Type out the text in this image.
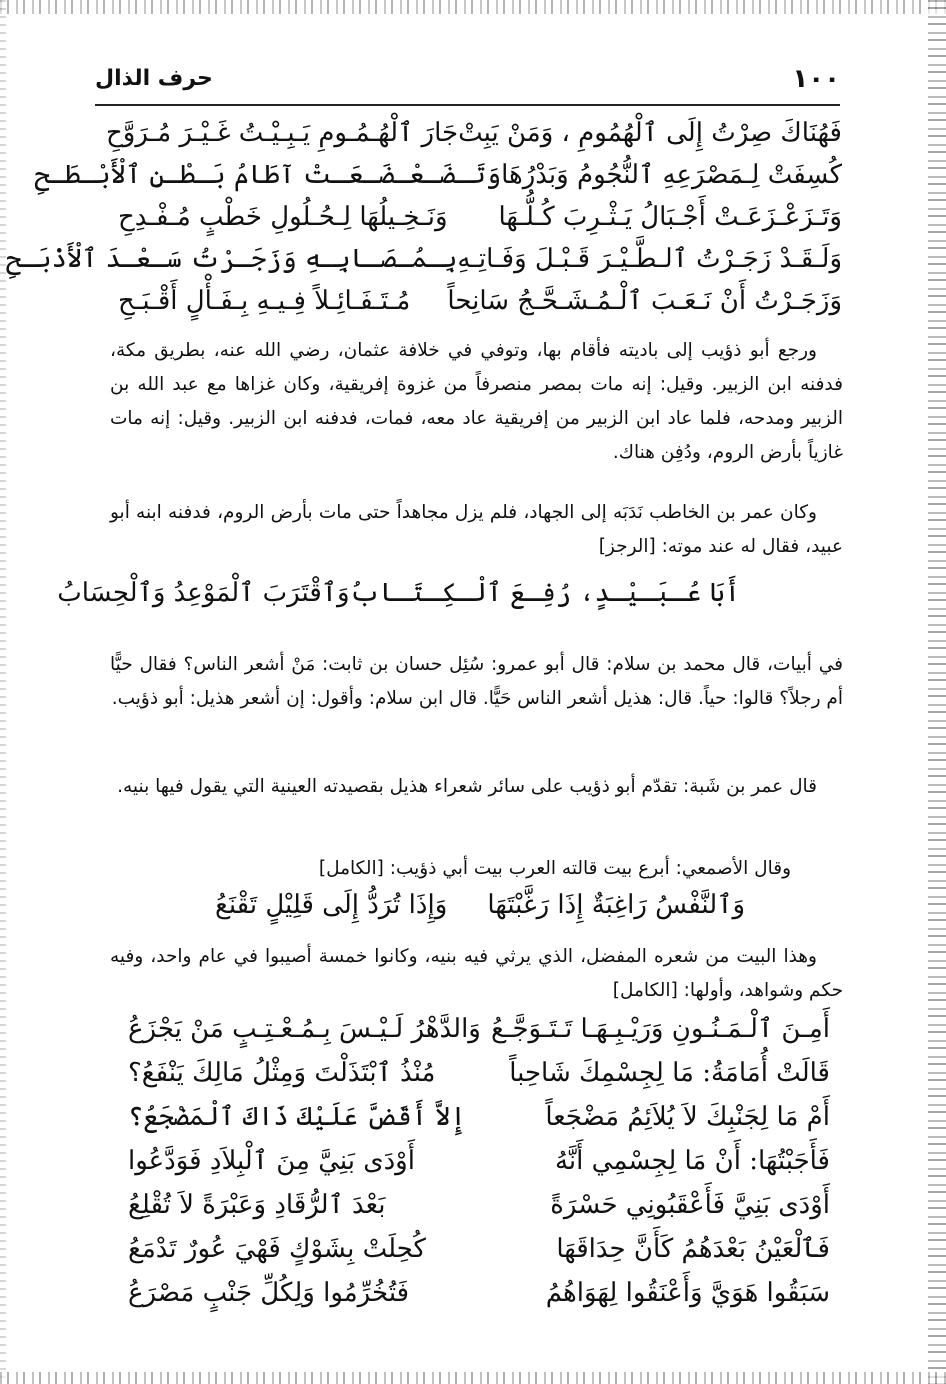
١٠٠
حرف الذال
فَهُنَاكَ صِرْتُ إِلَى ٱلْهُمُومِ ، وَمَنْ يَبِتْ
جَارَ ٱلْهُـمُـومِ يَـبِـيْـتُ غَـيْـرَ مُـرَوَّحِ
كُسِفَتْ لِـمَصْرَعِهِ ٱلنُّجُومُ وَبَدْرُهَا
وَتَـضَـعْـضَـعَـتْ آطَامُ بَـطْـنِ ٱلْأَبْـطَـحِ
وَتَـزَعْـزَعَـتْ أَجْـبَالُ يَـثْـرِبَ كُـلُّـهَا
وَنَـخِـيلُهَا لِـحُـلُولِ خَطْبٍ مُـفْـدِحِ
وَلَـقَـدْ زَجَـرْتُ ٱلـطَّـيْـرَ قَـبْـلَ وَفَـاتِـهِ
بِـمُـصَـابِـهِ وَزَجَـرْتُ سَـعْـدَ ٱلْأَذْبَـحِ
وَزَجَـرْتُ أَنْ نَـعَـبَ ٱلْـمُـشَـحَّـجُ سَانِحاً
مُـتَـفَـائِـلاً فِـيـهِ بِـفَـأْلٍ أَقْـبَـحِ

ورجع أبو ذؤيب إلى باديته فأقام بها، وتوفي في خلافة عثمان، رضي الله عنه، بطريق مكة، فدفنه ابن الزبير. وقيل: إنه مات بمصر منصرفاً من غزوة إفريقية، وكان غزاها مع عبد الله بن الزبير ومدحه، فلما عاد ابن الزبير من إفريقية عاد معه، فمات، فدفنه ابن الزبير. وقيل: إنه مات غازياً بأرض الروم، ودُفِن هناك.

وكان عمر بن الخاطب نَدَبَه إلى الجهاد، فلم يزل مجاهداً حتى مات بأرض الروم، فدفنه ابنه أبو عبيد، فقال له عند موته: [الرجز]

أَبَا عُـبَـيْـدٍ، رُفِـعَ ٱلْـكِـتَـابُ
وَٱقْتَرَبَ ٱلْمَوْعِدُ وَٱلْحِسَابُ

في أبيات، قال محمد بن سلام: قال أبو عمرو: سُئِل حسان بن ثابت: مَنْ أشعر الناس؟ فقال حيًّا أم رجلاً؟ قالوا: حياً. قال: هذيل أشعر الناس حَيًّا. قال ابن سلام: وأقول: إن أشعر هذيل: أبو ذؤيب.

قال عمر بن شَبة: تقدّم أبو ذؤيب على سائر شعراء هذيل بقصيدته العينية التي يقول فيها بنيه.

وقال الأصمعي: أبرع بيت قالته العرب بيت أبي ذؤيب: [الكامل]

وَٱلنَّفْسُ رَاغِبَةٌ إِذَا رَغَّبْتَهَا
وَإِذَا تُرَدُّ إِلَى قَلِيْلٍ تَقْنَعُ

وهذا البيت من شعره المفضل، الذي يرثي فيه بنيه، وكانوا خمسة أصيبوا في عام واحد، وفيه حكم وشواهد، وأولها: [الكامل]

أَمِـنَ ٱلْـمَـنُـونِ وَرَيْـبِـهَـا تَـتَـوَجَّـعُ
وَالدَّهْرُ لَـيْـسَ بِـمُـعْـتِـبٍ مَنْ يَجْزَعُ
قَالَتْ أُمَامَةُ: مَا لِجِسْمِكَ شَاحِباً
مُنْذُ ٱبْتَذَلْتَ وَمِثْلُ مَالِكَ يَنْفَعُ؟
أَمْ مَا لِجَنْبِكَ لاَ يُلاَئِمُ مَضْجَعاً
إِلاَّ أَقَضَّ عَلَيْكَ ذَاكَ ٱلْمَضْجَعُ؟
فَأَجَبْتُهَا: أَنْ مَا لِجِسْمِي أَنَّهُ
أَوْدَى بَنِيَّ مِنَ ٱلْبِلاَدِ فَوَدَّعُوا
أَوْدَى بَنِيَّ فَأَعْقَبُونِي حَسْرَةً
بَعْدَ ٱلرُّقَادِ وَعَبْرَةً لاَ تُقْلِعُ
فَٱلْعَيْنُ بَعْدَهُمُ كَأَنَّ حِدَاقَهَا
كُحِلَتْ بِشَوْكٍ فَهْيَ عُورٌ تَدْمَعُ
سَبَقُوا هَوَيَّ وَأَعْنَقُوا لِهَوَاهُمُ
فَتُخُرِّمُوا وَلِكُلِّ جَنْبٍ مَصْرَعُ
